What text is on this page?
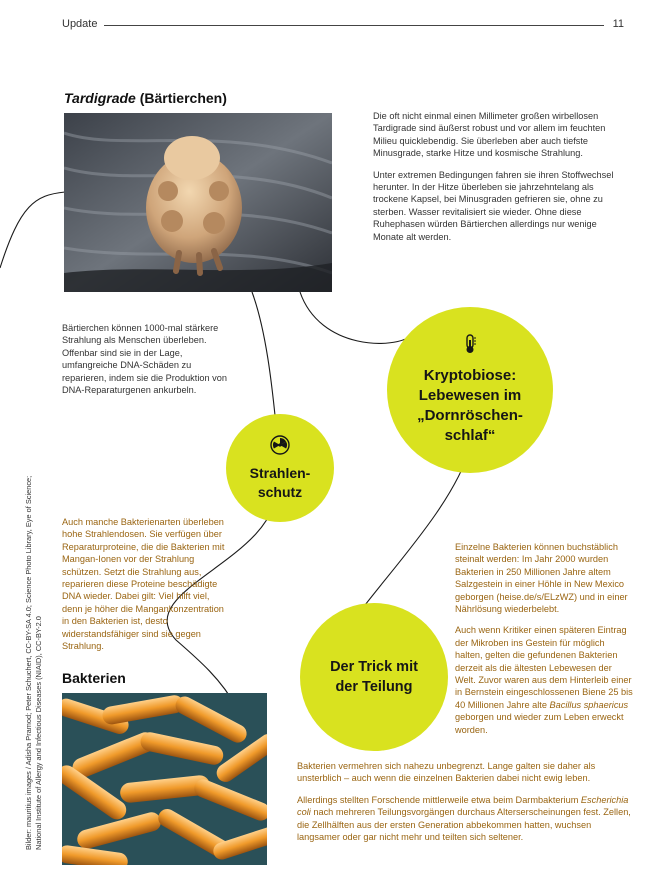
Update	11
Tardigrade (Bärtierchen)

Die oft nicht einmal einen Millimeter großen wirbellosen Tardigrade sind äußerst robust und vor allem im feuchten Milieu quicklebendig. Sie überleben aber auch tiefste Minusgrade, starke Hitze und kosmische Strahlung.

Unter extremen Bedingungen fahren sie ihren Stoffwechsel herunter. In der Hitze überleben sie jahrzehntelang als trockene Kapsel, bei Minusgraden gefrieren sie, ohne zu sterben. Wasser revitalisiert sie wieder. Ohne diese Ruhephasen würden Bärtierchen allerdings nur wenige Monate alt werden.

Bärtierchen können 1000-mal stärkere Strahlung als Menschen überleben. Offenbar sind sie in der Lage, umfangreiche DNA-Schäden zu reparieren, indem sie die Produktion von DNA-Reparaturgenen ankurbeln.
Kryptobiose:
Lebewesen im
„Dornröschen-
schlaf“
Strahlen-
schutz
Auch manche Bakterienarten überleben hohe Strahlendosen. Sie verfügen über Reparaturproteine, die die Bakterien mit Mangan-Ionen vor der Strahlung schützen. Setzt die Strahlung aus, reparieren diese Proteine beschädigte DNA wieder. Dabei gilt: Viel hilft viel, denn je höher die Mangankonzentration in den Bakterien ist, desto widerstandsfähiger sind sie gegen Strahlung.

Einzelne Bakterien können buchstäblich steinalt werden: Im Jahr 2000 wurden Bakterien in 250 Millionen Jahre altem Salzgestein in einer Höhle in New Mexico geborgen (heise.de/s/ELzWZ) und in einer Nährlösung wiederbelebt.

Auch wenn Kritiker einen späteren Eintrag der Mikroben ins Gestein für möglich halten, gelten die gefundenen Bakterien derzeit als die ältesten Lebewesen der Welt. Zuvor waren aus dem Hinterleib einer in Bernstein eingeschlossenen Biene 25 bis 40 Millionen Jahre alte Bacillus sphaericus geborgen und wieder zum Leben erweckt worden.

Der Trick mit
der Teilung
Bakterien

Bakterien vermehren sich nahezu unbegrenzt. Lange galten sie daher als unsterblich – auch wenn die einzelnen Bakterien dabei nicht ewig leben.

Allerdings stellten Forschende mittlerweile etwa beim Darmbakterium Escherichia coli nach mehreren Teilungsvorgängen durchaus Alterserscheinungen fest. Zellen, die Zellhälften aus der ersten Generation abbekommen hatten, wuchsen langsamer oder gar nicht mehr und teilten sich seltener.

Bilder: mauritius images / Adisha Pramod; Peter Schuchert, CC-BY-SA 4.0; Science Photo Library, Eye of Science;
National Institute of Allergy and Infectious Diseases (NIAID), CC-BY-2.0
